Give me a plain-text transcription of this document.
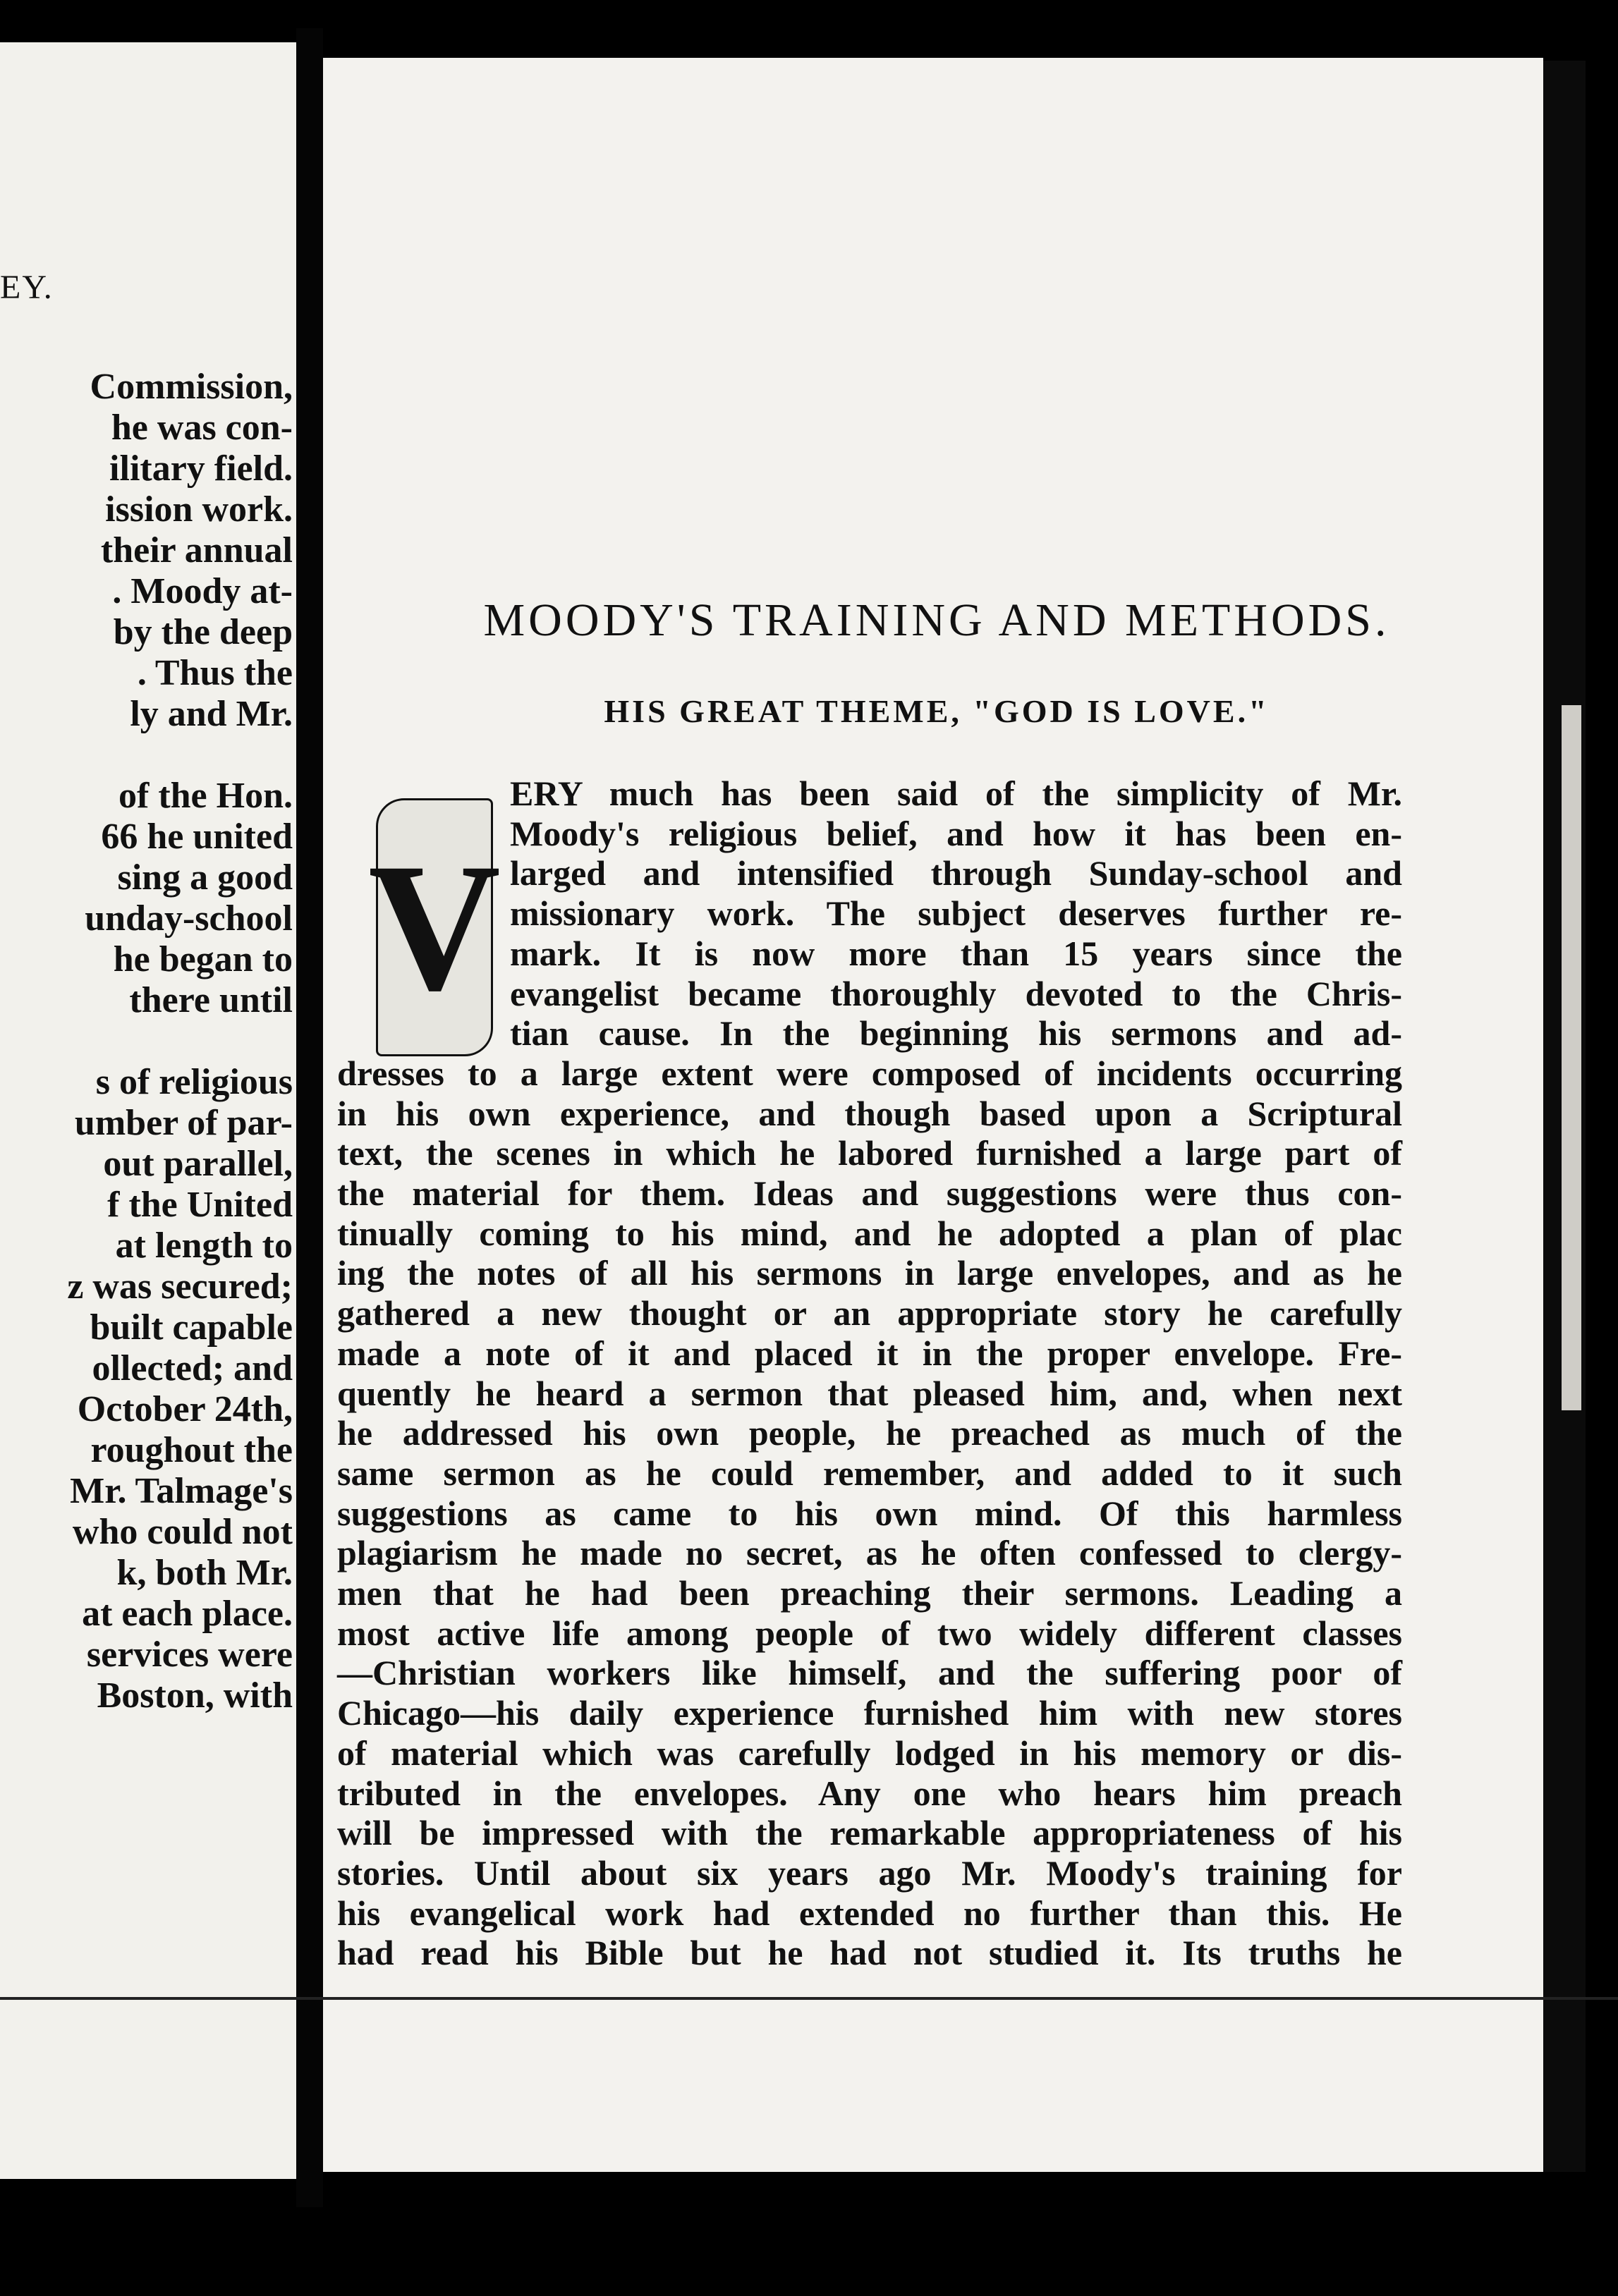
EY.
Commission,
he was con-
ilitary field.
ission work.
their annual
. Moody at-
by the deep
. Thus the
ly and Mr.
of the Hon.
66 he united
sing a good
unday-school
he began to
there until
s of religious
umber of par-
out parallel,
f the United
at length to
z was secured;
built capable
ollected; and
October 24th,
roughout the
Mr. Talmage's
who could not
k, both Mr.
at each place.
services were
Boston, with
MOODY'S TRAINING AND METHODS.
HIS GREAT THEME, "GOD IS LOVE."
V
ERY much has been said of the simplicity of Mr.
Moody's religious belief, and how it has been en-
larged and intensified through Sunday-school and
missionary work. The subject deserves further re-
mark. It is now more than 15 years since the
evangelist became thoroughly devoted to the Chris-
tian cause. In the beginning his sermons and ad-
dresses to a large extent were composed of incidents occurring
in his own experience, and though based upon a Scriptural
text, the scenes in which he labored furnished a large part of
the material for them. Ideas and suggestions were thus con-
tinually coming to his mind, and he adopted a plan of plac
ing the notes of all his sermons in large envelopes, and as he
gathered a new thought or an appropriate story he carefully
made a note of it and placed it in the proper envelope. Fre-
quently he heard a sermon that pleased him, and, when next
he addressed his own people, he preached as much of the
same sermon as he could remember, and added to it such
suggestions as came to his own mind. Of this harmless
plagiarism he made no secret, as he often confessed to clergy-
men that he had been preaching their sermons. Leading a
most active life among people of two widely different classes
—Christian workers like himself, and the suffering poor of
Chicago—his daily experience furnished him with new stores
of material which was carefully lodged in his memory or dis-
tributed in the envelopes. Any one who hears him preach
will be impressed with the remarkable appropriateness of his
stories. Until about six years ago Mr. Moody's training for
his evangelical work had extended no further than this. He
had read his Bible but he had not studied it. Its truths he
